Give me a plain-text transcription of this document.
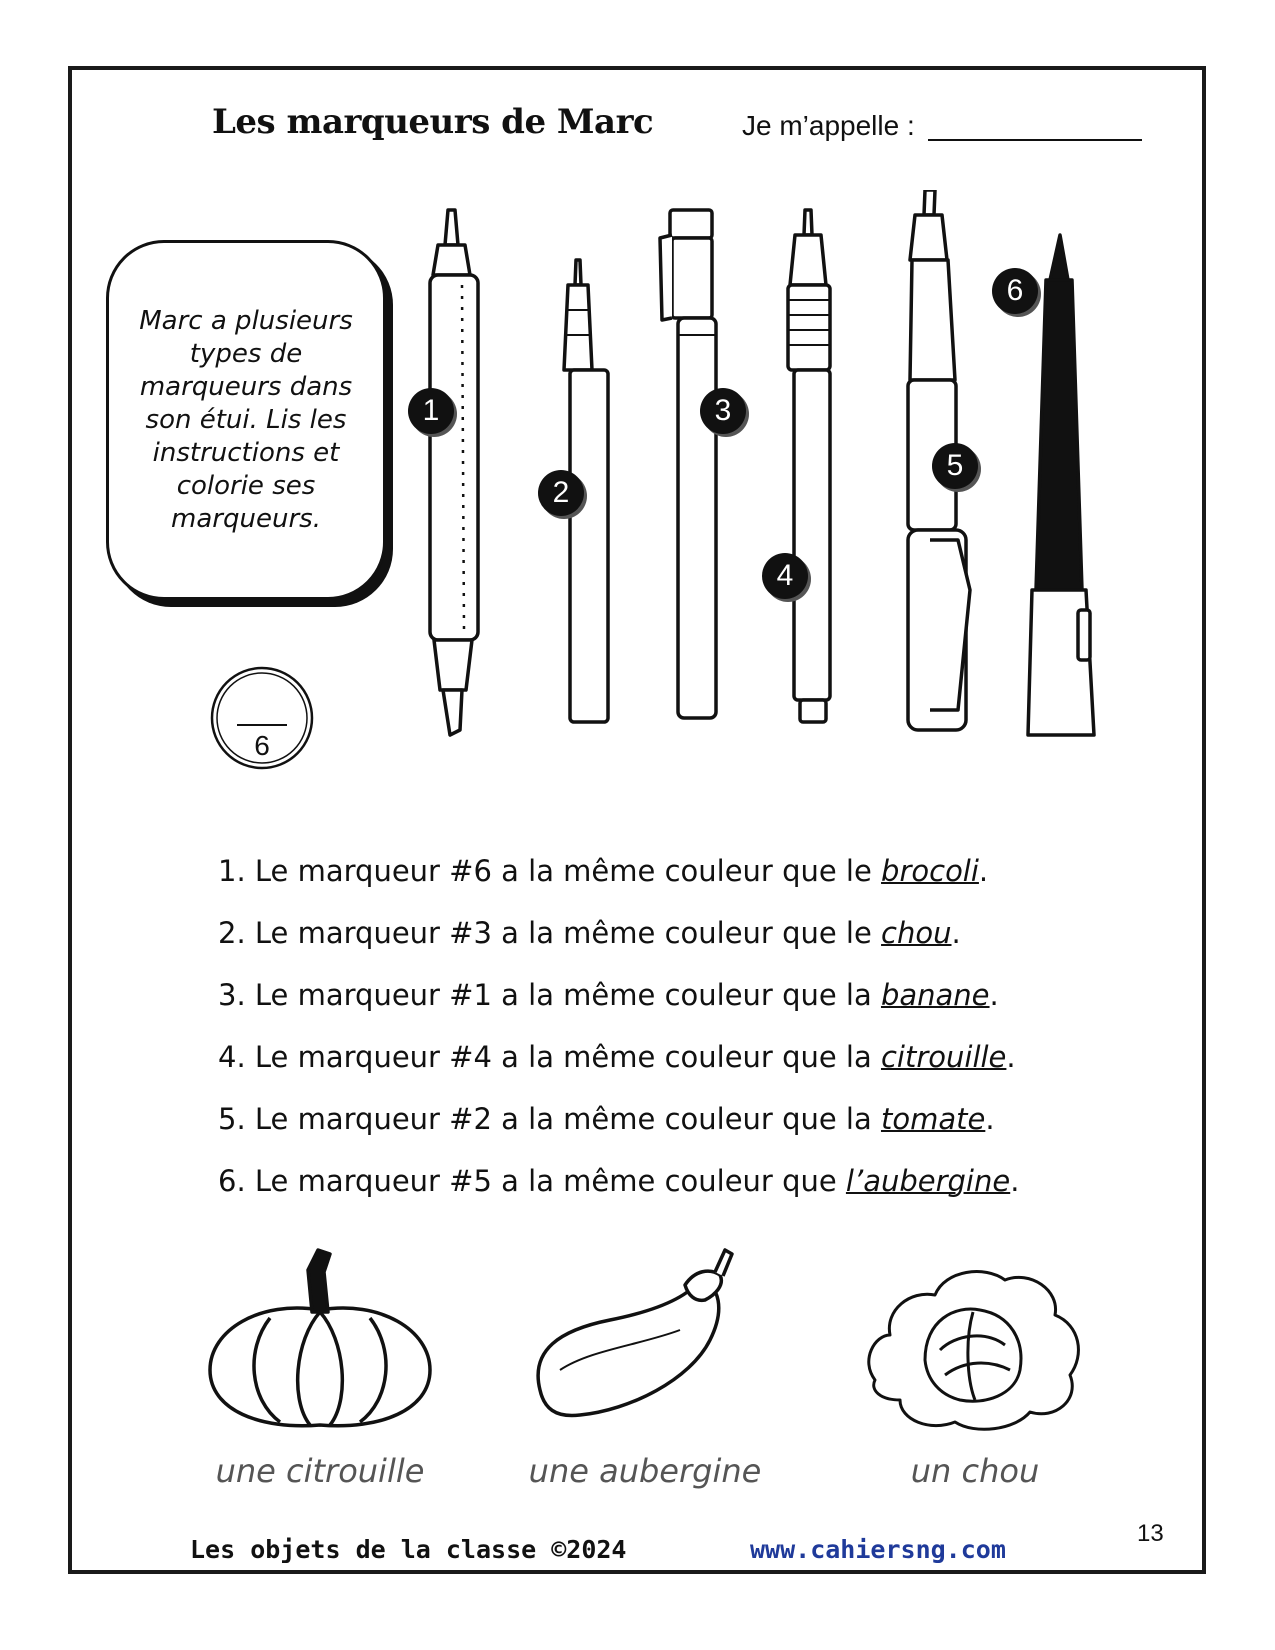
Les marqueurs de Marc	Je m’appelle :
Marc a plusieurs types de marqueurs dans son étui. Lis les instructions et colorie ses marqueurs.
6
1
2
3
4
5
6
1. Le marqueur #6 a la même couleur que le brocoli.
2. Le marqueur #3 a la même couleur que le chou.
3. Le marqueur #1 a la même couleur que la banane.
4. Le marqueur #4 a la même couleur que la citrouille.
5. Le marqueur #2 a la même couleur que la tomate.
6. Le marqueur #5 a la même couleur que l’aubergine.
une citrouille	une aubergine	un chou
Les objets de la classe ©2024	www.cahiersng.com
13
